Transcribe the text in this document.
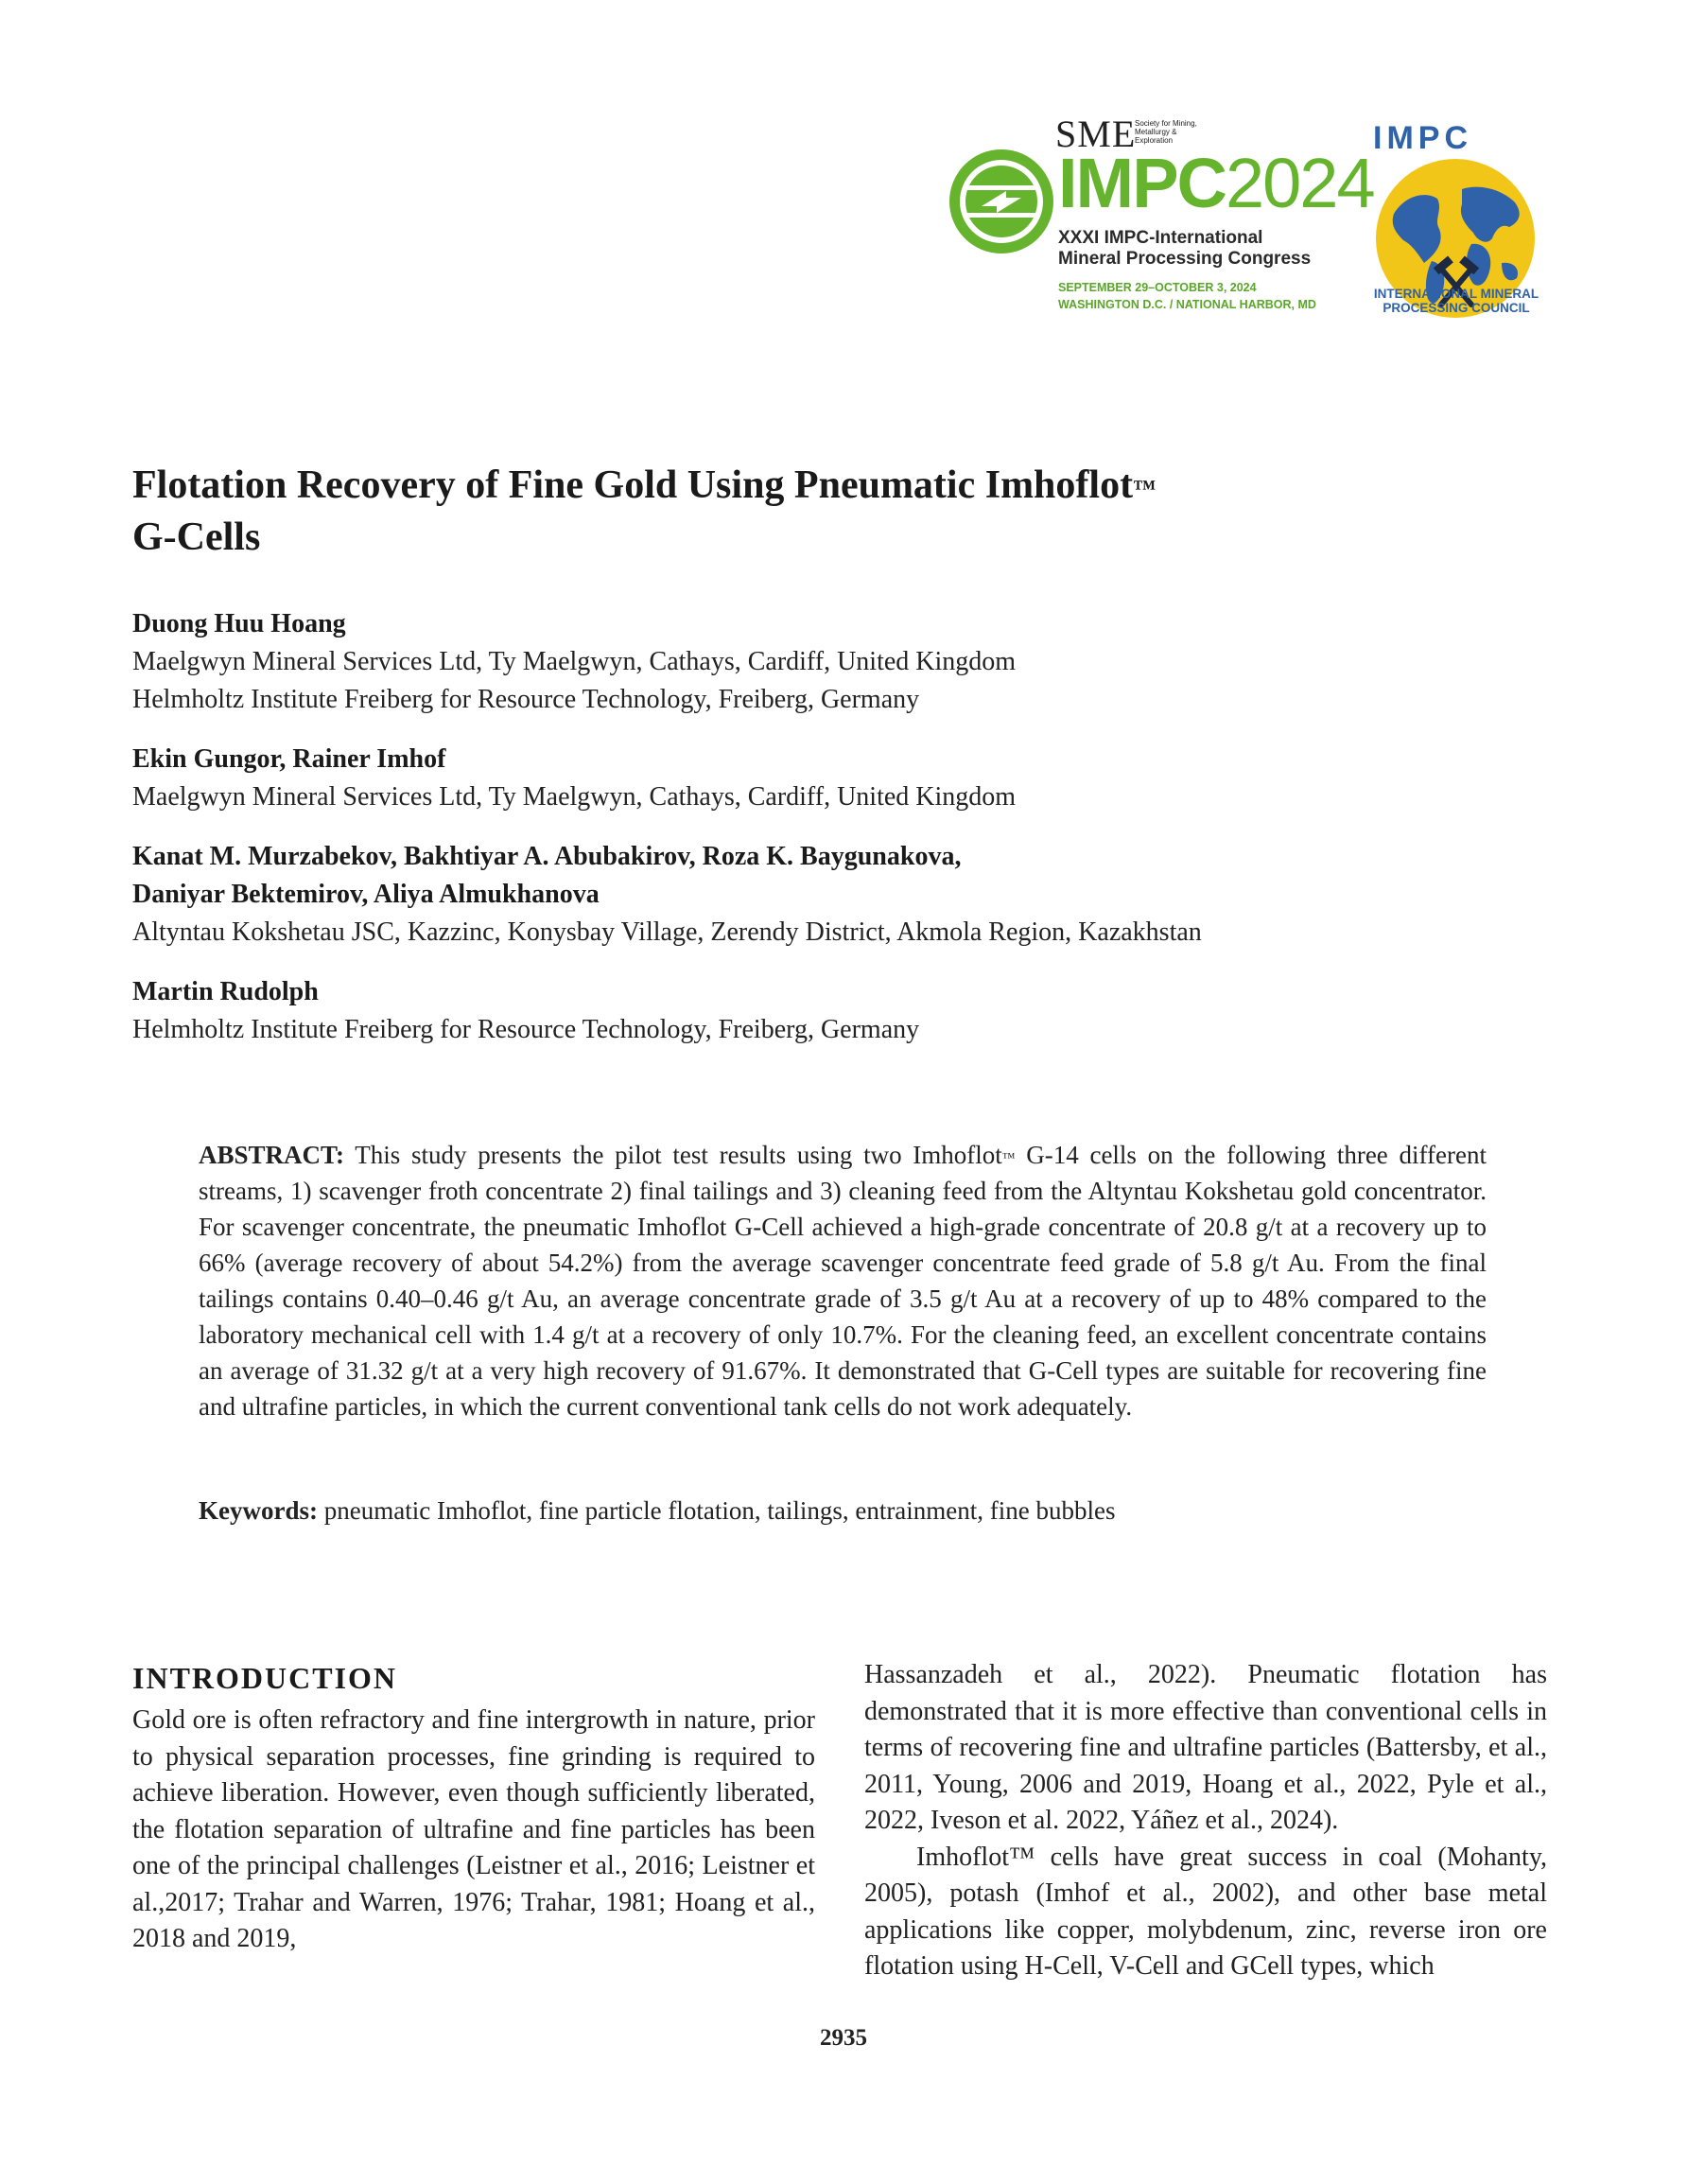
SME
Society for Mining, Metallurgy & Exploration
IMPC2024
XXXI IMPC-International
Mineral Processing Congress
SEPTEMBER 29–OCTOBER 3, 2024
WASHINGTON D.C. / NATIONAL HARBOR, MD
IMPC
INTERNATIONAL MINERAL
PROCESSING COUNCIL
Flotation Recovery of Fine Gold Using Pneumatic Imhoflot™
G-Cells
Duong Huu Hoang
Maelgwyn Mineral Services Ltd, Ty Maelgwyn, Cathays, Cardiff, United Kingdom
Helmholtz Institute Freiberg for Resource Technology, Freiberg, Germany
Ekin Gungor, Rainer Imhof
Maelgwyn Mineral Services Ltd, Ty Maelgwyn, Cathays, Cardiff, United Kingdom
Kanat M. Murzabekov, Bakhtiyar A. Abubakirov, Roza K. Baygunakova,
Daniyar Bektemirov, Aliya Almukhanova
Altyntau Kokshetau JSC, Kazzinc, Konysbay Village, Zerendy District, Akmola Region, Kazakhstan
Martin Rudolph
Helmholtz Institute Freiberg for Resource Technology, Freiberg, Germany
ABSTRACT: This study presents the pilot test results using two Imhoflot™ G-14 cells on the following three different streams, 1) scavenger froth concentrate 2) final tailings and 3) cleaning feed from the Altyntau Kokshetau gold concentrator. For scavenger concentrate, the pneumatic Imhoflot G-Cell achieved a high-grade concentrate of 20.8 g/t at a recovery up to 66% (average recovery of about 54.2%) from the average scavenger concentrate feed grade of 5.8 g/t Au. From the final tailings contains 0.40–0.46 g/t Au, an average concentrate grade of 3.5 g/t Au at a recovery of up to 48% compared to the laboratory mechanical cell with 1.4 g/t at a recovery of only 10.7%. For the cleaning feed, an excellent concentrate contains an average of 31.32 g/t at a very high recovery of 91.67%. It demonstrated that G-Cell types are suitable for recovering fine and ultrafine particles, in which the current conventional tank cells do not work adequately.
Keywords: pneumatic Imhoflot, fine particle flotation, tailings, entrainment, fine bubbles
INTRODUCTION

Gold ore is often refractory and fine intergrowth in nature, prior to physical separation processes, fine grinding is required to achieve liberation. However, even though sufficiently liberated, the flotation separation of ultrafine and fine particles has been one of the principal challenges (Leistner et al., 2016; Leistner et al.,2017; Trahar and Warren, 1976; Trahar, 1981; Hoang et al., 2018 and 2019,

Hassanzadeh et al., 2022). Pneumatic flotation has demonstrated that it is more effective than conventional cells in terms of recovering fine and ultrafine particles (Battersby, et al., 2011, Young, 2006 and 2019, Hoang et al., 2022, Pyle et al., 2022, Iveson et al. 2022, Yáñez et al., 2024).

Imhoflot™ cells have great success in coal (Mohanty, 2005), potash (Imhof et al., 2002), and other base metal applications like copper, molybdenum, zinc, reverse iron ore flotation using H-Cell, V-Cell and GCell types, which

2935
